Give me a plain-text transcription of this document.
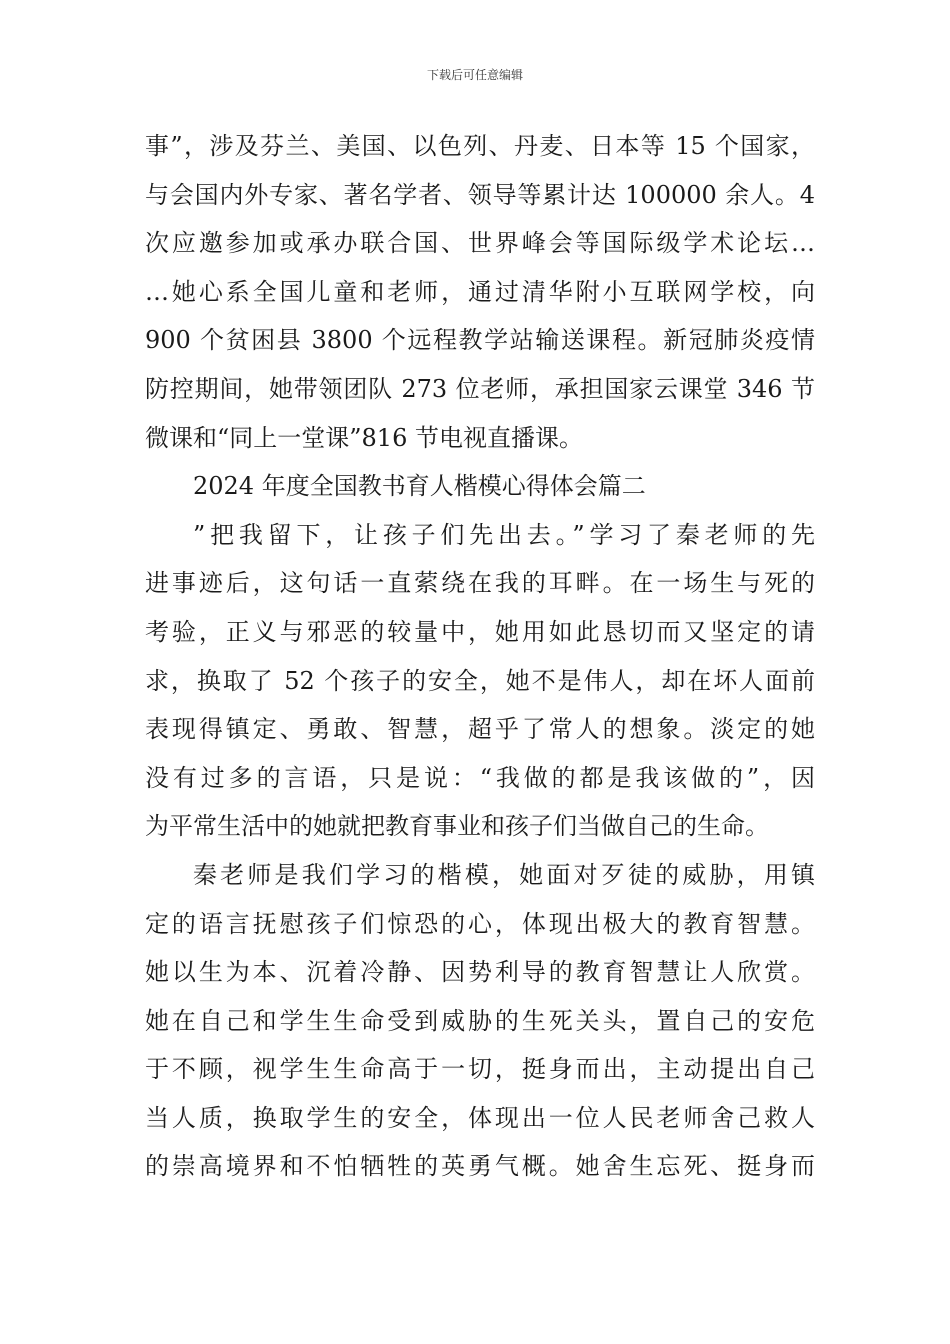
下载后可任意编辑
事”，涉及芬兰、美国、以色列、丹麦、日本等 15 个国家，
与会国内外专家、著名学者、领导等累计达 100000 余人。4
次应邀参加或承办联合国、世界峰会等国际级学术论坛…
…她心系全国儿童和老师，通过清华附小互联网学校，向
900 个贫困县 3800 个远程教学站输送课程。新冠肺炎疫情
防控期间，她带领团队 273 位老师，承担国家云课堂 346 节
微课和“同上一堂课”816 节电视直播课。
2024 年度全国教书育人楷模心得体会篇二
”把我留下，让孩子们先出去。”学习了秦老师的先
进事迹后，这句话一直萦绕在我的耳畔。在一场生与死的
考验，正义与邪恶的较量中，她用如此恳切而又坚定的请
求，换取了 52 个孩子的安全，她不是伟人，却在坏人面前
表现得镇定、勇敢、智慧，超乎了常人的想象。淡定的她
没有过多的言语，只是说：“我做的都是我该做的”，因
为平常生活中的她就把教育事业和孩子们当做自己的生命。
秦老师是我们学习的楷模，她面对歹徒的威胁，用镇
定的语言抚慰孩子们惊恐的心，体现出极大的教育智慧。
她以生为本、沉着冷静、因势利导的教育智慧让人欣赏。
她在自己和学生生命受到威胁的生死关头，置自己的安危
于不顾，视学生生命高于一切，挺身而出，主动提出自己
当人质，换取学生的安全，体现出一位人民老师舍己救人
的崇高境界和不怕牺牲的英勇气概。她舍生忘死、挺身而
